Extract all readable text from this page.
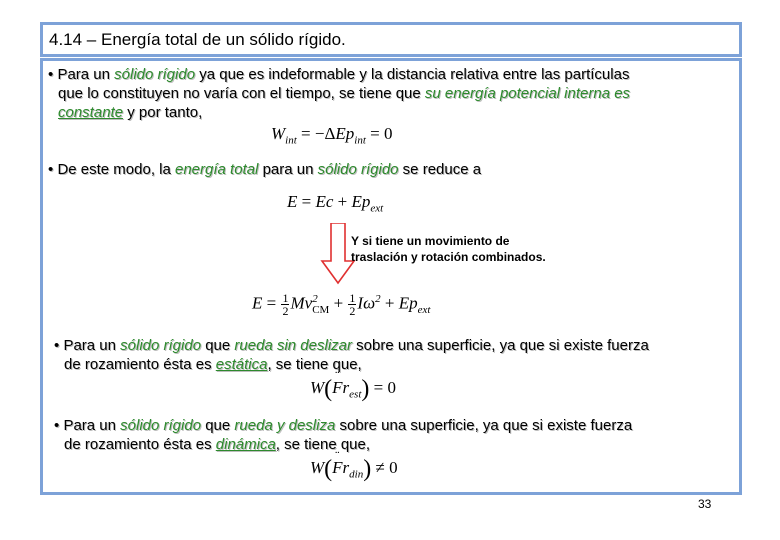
4.14 – Energía total de un sólido rígido.
• Para un sólido rígido ya que es indeformable y la distancia relativa entre las partículas
que lo constituyen no varía con el tiempo, se tiene que su energía potencial interna es
constante y por tanto,
$W_{int} = -\Delta Ep_{int} = 0$
• De este modo, la energía total para un sólido rígido se reduce a
$E = Ec + Ep_{ext}$
Y si tiene un movimiento de
traslación y rotación combinados.
$E = \frac{1}{2}$ Mv 2
CM + $\frac{1}{2} I\omega^2 + Ep_{ext}$
• Para un sólido rígido que rueda sin deslizar sobre una superficie, ya que si existe fuerza
de rozamiento ésta es estática, se tiene que,
W(¨ $Fr_{est}) = 0$
• Para un sólido rígido que rueda y desliza sobre una superficie, ya que si existe fuerza
de rozamiento ésta es dinámica, se tiene que,
W(¨ $Fr_{din}) \ne 0$
33
